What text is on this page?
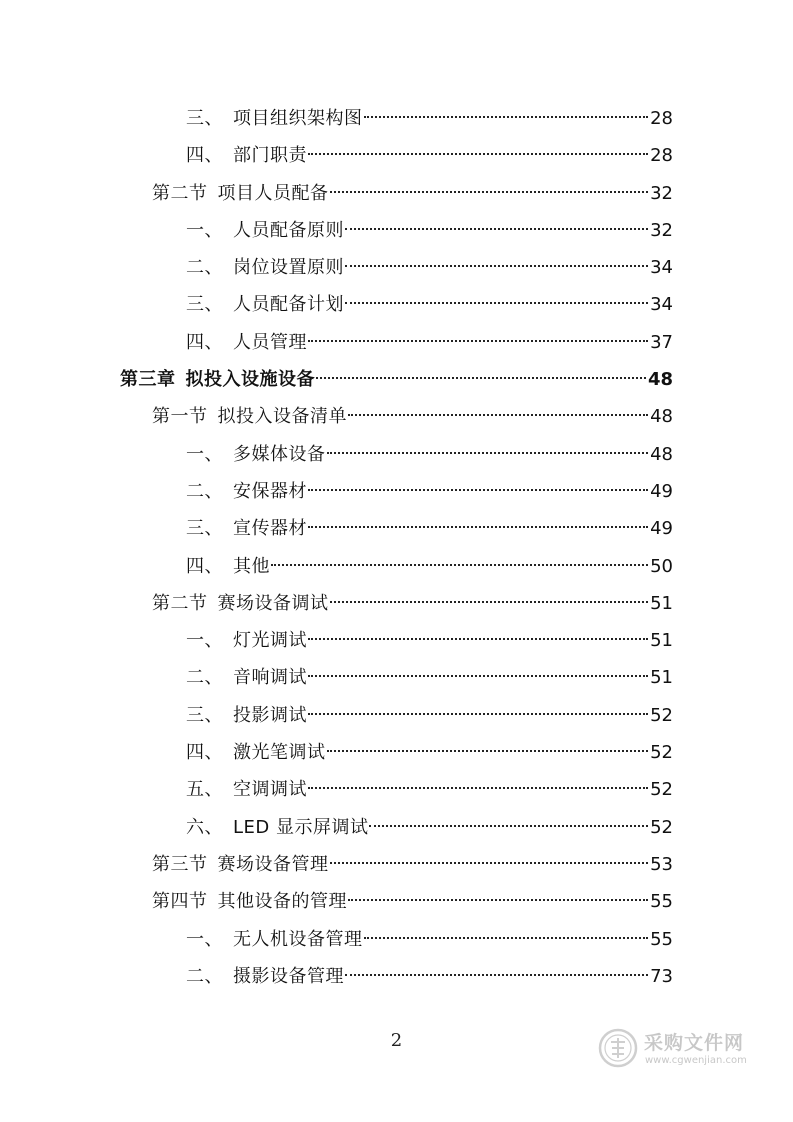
三、 项目组织架构图	28
四、 部门职责	28
第二节 项目人员配备	32
一、 人员配备原则	32
二、 岗位设置原则	34
三、 人员配备计划	34
四、 人员管理	37
第三章 拟投入设施设备	48
第一节 拟投入设备清单	48
一、 多媒体设备	48
二、 安保器材	49
三、 宣传器材	49
四、 其他	50
第二节 赛场设备调试	51
一、 灯光调试	51
二、 音响调试	51
三、 投影调试	52
四、 激光笔调试	52
五、 空调调试	52
六、 LED 显示屏调试	52
第三节 赛场设备管理	53
第四节 其他设备的管理	55
一、 无人机设备管理	55
二、 摄影设备管理	73
2	采购文件网
www.cgwenjian.com
